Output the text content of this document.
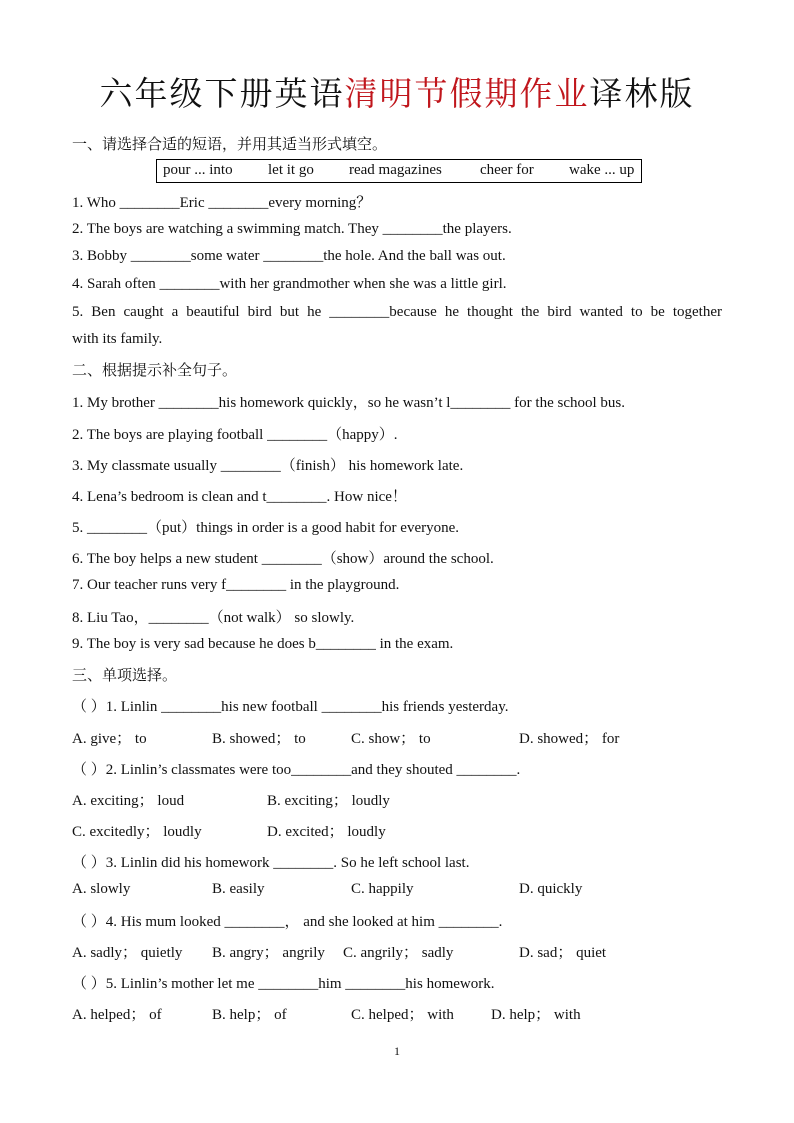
六年级下册英语清明节假期作业译林版
一、请选择合适的短语，并用其适当形式填空。
pour ... into let it go read magazines	cheer for wake ... up
1. Who ________Eric ________every morning？
2. The boys are watching a swimming match. They ________the players.
3. Bobby ________some water ________the hole. And the ball was out.
4. Sarah often ________with her grandmother when she was a little girl.
5. Ben caught a beautiful bird but he ________because he thought the bird wanted to be together
with its family.
二、根据提示补全句子。
1. My brother ________his homework quickly，so he wasn’t l________ for the school bus.
2. The boys are playing football ________（happy）.
3. My classmate usually ________（finish） his homework late.
4. Lena’s bedroom is clean and t________. How nice！
5. ________（put）things in order is a good habit for everyone.
6. The boy helps a new student ________（show）around the school.
7. Our teacher runs very f________ in the playground.
8. Liu Tao，________（not walk） so slowly.
9. The boy is very sad because he does b________ in the exam.
三、单项选择。
（ ）1. Linlin ________his new football ________his friends yesterday.
A. give； to	B. showed； to	C. show； to	D. showed； for
（ ）2. Linlin’s classmates were too________and they shouted ________.
A. exciting； loud	B. exciting； loudly
C. excitedly； loudly	D. excited； loudly
（ ）3. Linlin did his homework ________. So he left school last.
A. slowly	B. easily	C. happily	D. quickly
（ ）4. His mum looked ________， and she looked at him ________.
A. sadly； quietly B. angry； angrily C. angrily； sadly	D. sad； quiet
（ ）5. Linlin’s mother let me ________him ________his homework.
A. helped； of	B. help； of	C. helped； with D. help； with
1
